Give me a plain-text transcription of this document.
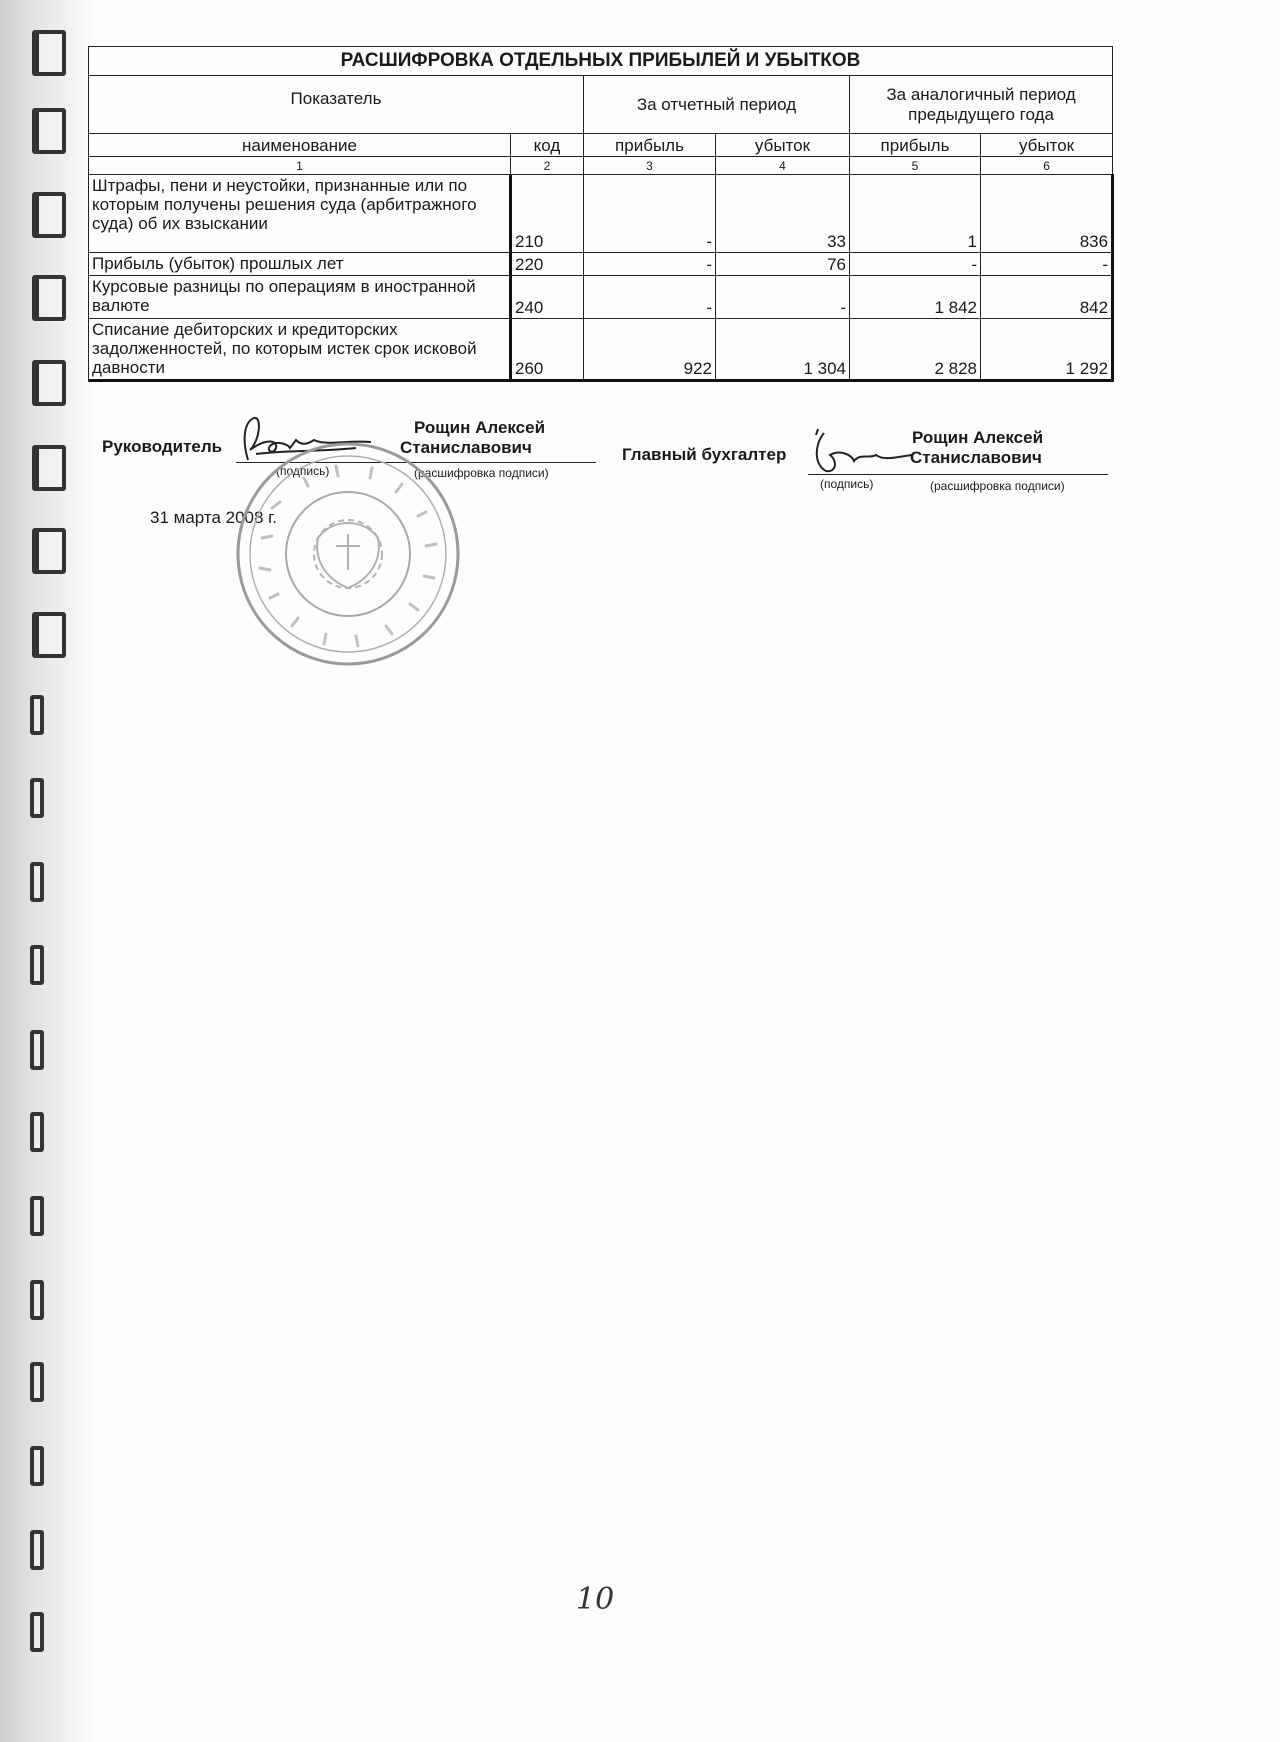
РАСШИФРОВКА ОТДЕЛЬНЫХ ПРИБЫЛЕЙ И УБЫТКОВ					
Показатель		За отчетный период		За аналогичный период предыдущего года	
наименование	код	прибыль	убыток	прибыль	убыток
1	2	3	4	5	6
Штрафы, пени и неустойки, признанные или по которым получены решения суда (арбитражного суда) об их взыскании	210	-	33	1	836
Прибыль (убыток) прошлых лет	220	-	76	-	-
Курсовые разницы по операциям в иностранной валюте	240	-	-	1 842	842
Списание дебиторских и кредиторских задолженностей, по которым истек срок исковой давности	260	922	1 304	2 828	1 292
Руководитель
Рощин Алексей
Станиславович
(подпись)	(расшифровка подписи)
Главный бухгалтер
Рощин Алексей
Станиславович
(подпись)	(расшифровка подписи)
31 марта 2008 г.
10
